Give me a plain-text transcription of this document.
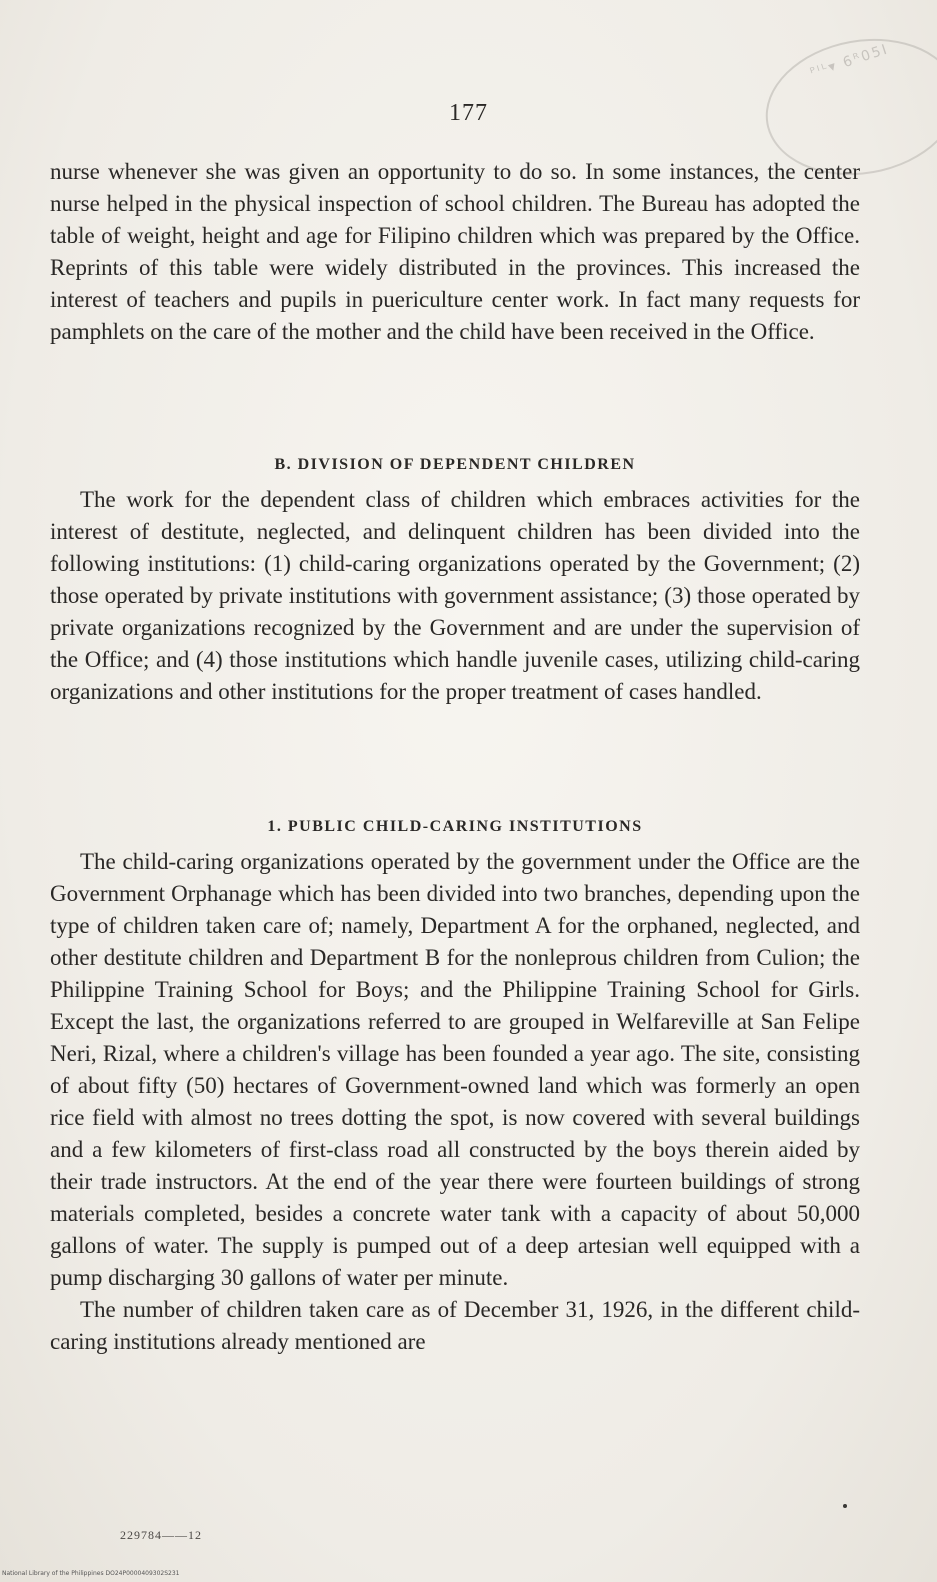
ᴾᴵᴸ▾ 6ᴿ05I
177

nurse whenever she was given an opportunity to do so. In some instances, the center nurse helped in the physical inspection of school children. The Bureau has adopted the table of weight, height and age for Filipino children which was prepared by the Office. Reprints of this table were widely distributed in the provinces. This increased the interest of teachers and pupils in puericulture center work. In fact many requests for pamphlets on the care of the mother and the child have been received in the Office.

B. DIVISION OF DEPENDENT CHILDREN

The work for the dependent class of children which embraces activities for the interest of destitute, neglected, and delinquent children has been divided into the following institutions: (1) child-caring organizations operated by the Government; (2) those operated by private institutions with government assistance; (3) those operated by private organizations recognized by the Government and are under the supervision of the Office; and (4) those institutions which handle juvenile cases, utilizing child-caring organizations and other institutions for the proper treatment of cases handled.

1. PUBLIC CHILD-CARING INSTITUTIONS

The child-caring organizations operated by the government under the Office are the Government Orphanage which has been divided into two branches, depending upon the type of children taken care of; namely, Department A for the orphaned, neglected, and other destitute children and Department B for the nonleprous children from Culion; the Philippine Training School for Boys; and the Philippine Training School for Girls. Except the last, the organizations referred to are grouped in Welfareville at San Felipe Neri, Rizal, where a children's village has been founded a year ago. The site, consisting of about fifty (50) hectares of Government-owned land which was formerly an open rice field with almost no trees dotting the spot, is now covered with several buildings and a few kilometers of first-class road all constructed by the boys therein aided by their trade instructors. At the end of the year there were fourteen buildings of strong materials completed, besides a concrete water tank with a capacity of about 50,000 gallons of water. The supply is pumped out of a deep artesian well equipped with a pump discharging 30 gallons of water per minute.

The number of children taken care as of December 31, 1926, in the different child-caring institutions already mentioned are

229784——12
National Library of the Philippines DO24P0000409302S231
